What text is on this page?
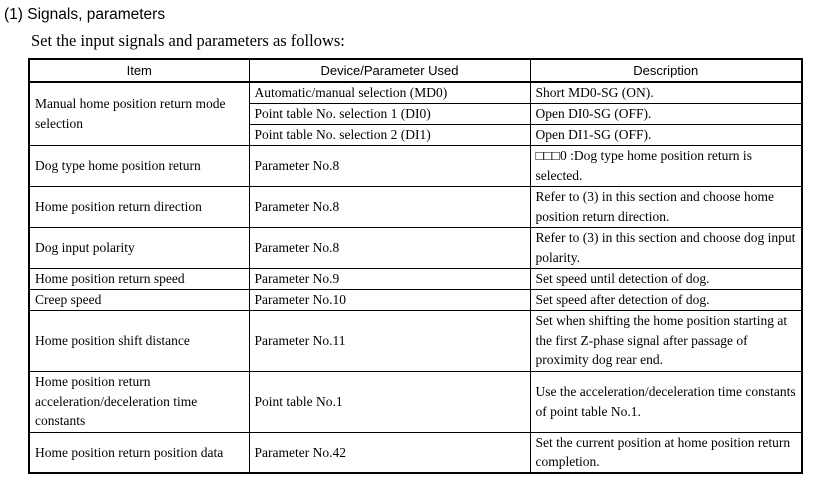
(1) Signals, parameters
Set the input signals and parameters as follows:
Item	Device/Parameter Used	Description
Manual home position return mode selection	Automatic/manual selection (MD0)	Short MD0-SG (ON).
	Point table No. selection 1 (DI0)	Open DI0-SG (OFF).
	Point table No. selection 2 (DI1)	Open DI1-SG (OFF).
Dog type home position return	Parameter No.8	□□□0 :Dog type home position return is selected.
Home position return direction	Parameter No.8	Refer to (3) in this section and choose home position return direction.
Dog input polarity	Parameter No.8	Refer to (3) in this section and choose dog input polarity.
Home position return speed	Parameter No.9	Set speed until detection of dog.
Creep speed	Parameter No.10	Set speed after detection of dog.
Home position shift distance	Parameter No.11	Set when shifting the home position starting at the first Z-phase signal after passage of proximity dog rear end.
Home position return acceleration/deceleration time constants	Point table No.1	Use the acceleration/deceleration time constants of point table No.1.
Home position return position data	Parameter No.42	Set the current position at home position return completion.
